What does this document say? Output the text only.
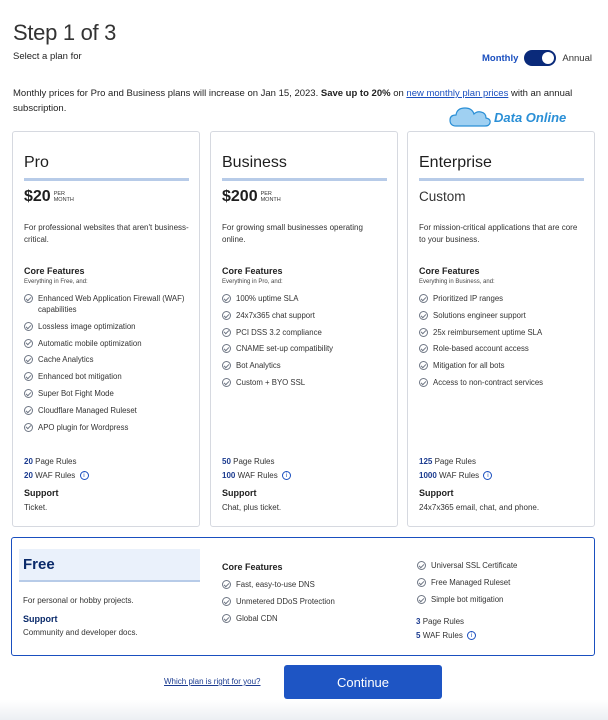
Step 1 of 3
Select a plan for	Monthly	Annual
Monthly prices for Pro and Business plans will increase on Jan 15, 2023. Save up to 20% on new monthly plan prices with an annual subscription.
Data Online
Pro
$20 PER
MONTH
For professional websites that aren't business-critical.
Core Features
Everything in Free, and:
Enhanced Web Application Firewall (WAF) capabilities
Lossless image optimization
Automatic mobile optimization
Cache Analytics
Enhanced bot mitigation
Super Bot Fight Mode
Cloudflare Managed Ruleset
APO plugin for Wordpress
20 Page Rules
20 WAF Rules i
Support
Ticket.
Business
$200 PER
MONTH
For growing small businesses operating online.
Core Features
Everything in Pro, and:
100% uptime SLA
24x7x365 chat support
PCI DSS 3.2 compliance
CNAME set-up compatibility
Bot Analytics
Custom + BYO SSL
50 Page Rules
100 WAF Rules i
Support
Chat, plus ticket.
Enterprise
Custom
For mission-critical applications that are core to your business.
Core Features
Everything in Business, and:
Prioritized IP ranges
Solutions engineer support
25x reimbursement uptime SLA
Role-based account access
Mitigation for all bots
Access to non-contract services
125 Page Rules
1000 WAF Rules i
Support
24x7x365 email, chat, and phone.
Free
For personal or hobby projects.
Support
Community and developer docs.
Core Features
Fast, easy-to-use DNS
Unmetered DDoS Protection
Global CDN
Universal SSL Certificate
Free Managed Ruleset
Simple bot mitigation
3 Page Rules
5 WAF Rules i
Which plan is right for you?	Continue
